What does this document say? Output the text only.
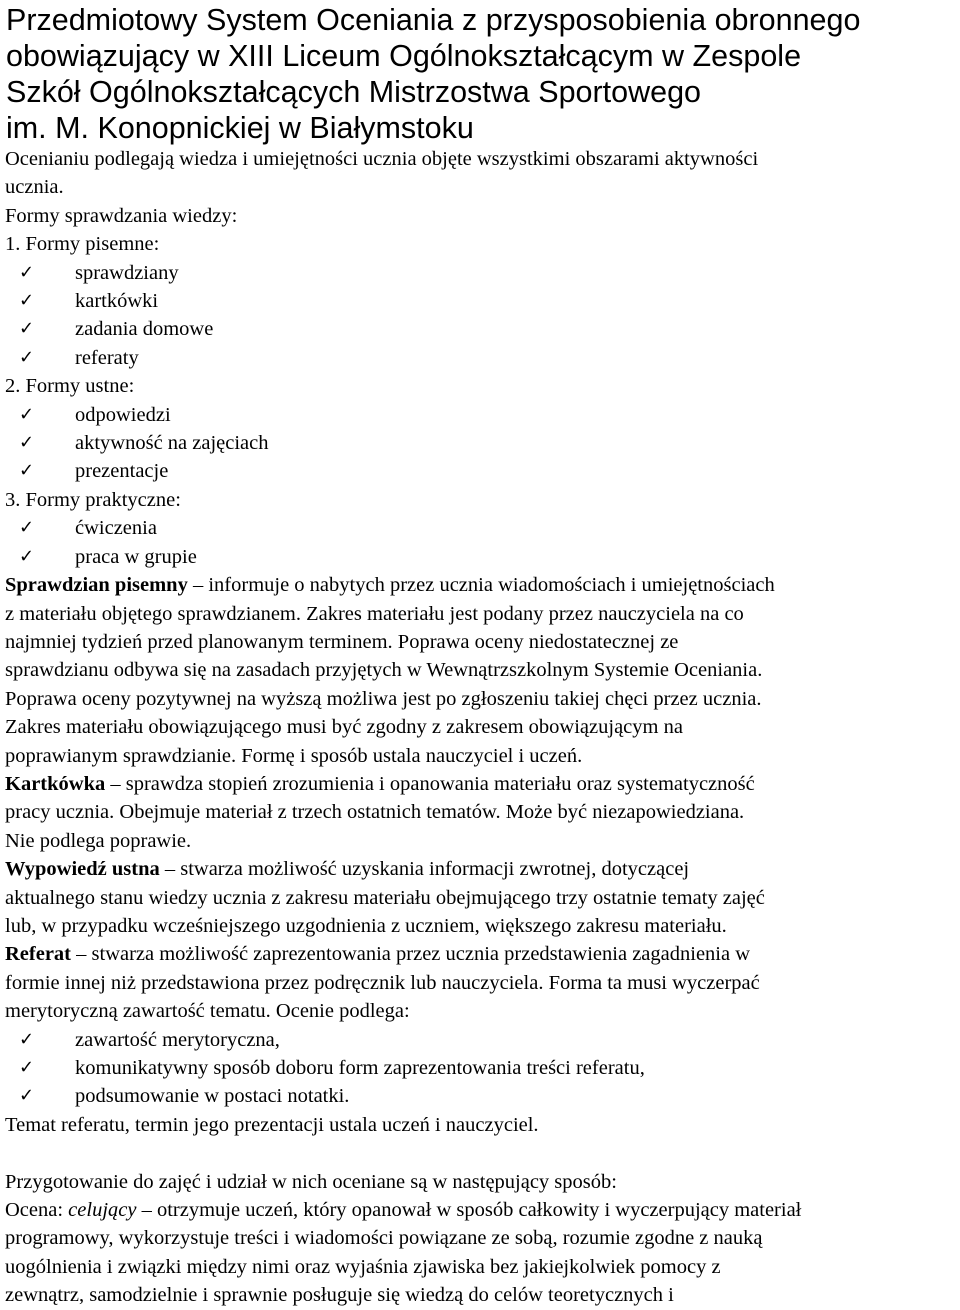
Przedmiotowy System Oceniania z przysposobienia obronnego
obowiązujący w XIII Liceum Ogólnokształcącym w Zespole
Szkół Ogólnokształcących Mistrzostwa Sportowego
im. M. Konopnickiej w Białymstoku

Ocenianiu podlegają wiedza i umiejętności ucznia objęte wszystkimi obszarami aktywności
ucznia.

Formy sprawdzania wiedzy:

1. Formy pisemne:

✓ sprawdziany
✓ kartkówki
✓ zadania domowe
✓ referaty

2. Formy ustne:

✓ odpowiedzi
✓ aktywność na zajęciach
✓ prezentacje

3. Formy praktyczne:

✓ ćwiczenia
✓ praca w grupie

Sprawdzian pisemny – informuje o nabytych przez ucznia wiadomościach i umiejętnościach
z materiału objętego sprawdzianem. Zakres materiału jest podany przez nauczyciela na co
najmniej tydzień przed planowanym terminem. Poprawa oceny niedostatecznej ze
sprawdzianu odbywa się na zasadach przyjętych w Wewnątrzszkolnym Systemie Oceniania.
Poprawa oceny pozytywnej na wyższą możliwa jest po zgłoszeniu takiej chęci przez ucznia.
Zakres materiału obowiązującego musi być zgodny z zakresem obowiązującym na
poprawianym sprawdzianie. Formę i sposób ustala nauczyciel i uczeń.

Kartkówka – sprawdza stopień zrozumienia i opanowania materiału oraz systematyczność
pracy ucznia. Obejmuje materiał z trzech ostatnich tematów. Może być niezapowiedziana.
Nie podlega poprawie.

Wypowiedź ustna – stwarza możliwość uzyskania informacji zwrotnej, dotyczącej
aktualnego stanu wiedzy ucznia z zakresu materiału obejmującego trzy ostatnie tematy zajęć
lub, w przypadku wcześniejszego uzgodnienia z uczniem, większego zakresu materiału.

Referat – stwarza możliwość zaprezentowania przez ucznia przedstawienia zagadnienia w
formie innej niż przedstawiona przez podręcznik lub nauczyciela. Forma ta musi wyczerpać
merytoryczną zawartość tematu. Ocenie podlega:

✓ zawartość merytoryczna,
✓ komunikatywny sposób doboru form zaprezentowania treści referatu,
✓ podsumowanie w postaci notatki.

Temat referatu, termin jego prezentacji ustala uczeń i nauczyciel.

Przygotowanie do zajęć i udział w nich oceniane są w następujący sposób:

Ocena: celujący – otrzymuje uczeń, który opanował w sposób całkowity i wyczerpujący materiał
programowy, wykorzystuje treści i wiadomości powiązane ze sobą, rozumie zgodne z nauką
uogólnienia i związki między nimi oraz wyjaśnia zjawiska bez jakiejkolwiek pomocy z
zewnątrz, samodzielnie i sprawnie posługuje się wiedzą do celów teoretycznych i
